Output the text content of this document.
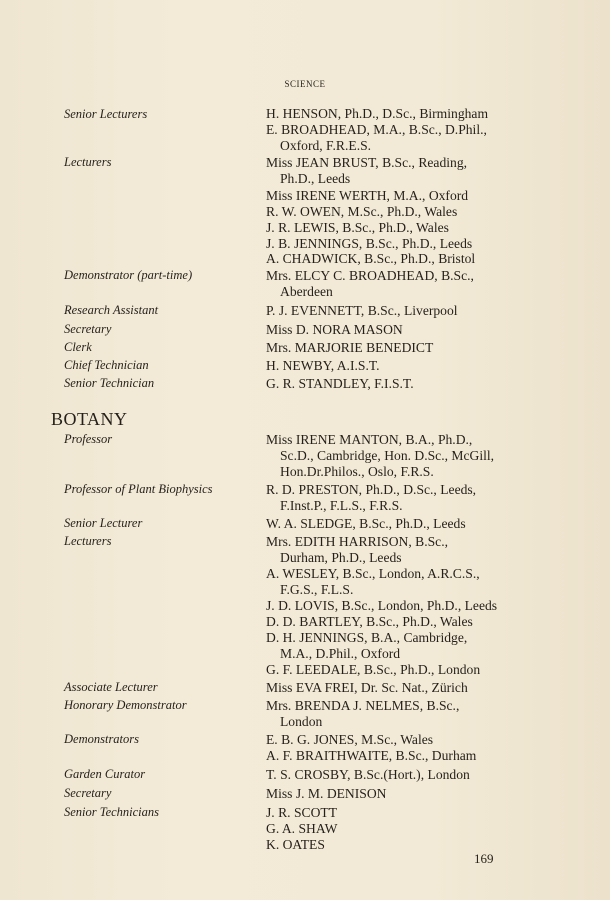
SCIENCE
Senior Lecturers	H. HENSON, Ph.D., D.Sc., Birmingham
E. BROADHEAD, M.A., B.Sc., D.Phil.,
Oxford, F.R.E.S.
Lecturers	Miss JEAN BRUST, B.Sc., Reading,
Ph.D., Leeds
Miss IRENE WERTH, M.A., Oxford
R. W. OWEN, M.Sc., Ph.D., Wales
J. R. LEWIS, B.Sc., Ph.D., Wales
J. B. JENNINGS, B.Sc., Ph.D., Leeds
A. CHADWICK, B.Sc., Ph.D., Bristol
Demonstrator (part-time)	Mrs. ELCY C. BROADHEAD, B.Sc.,
Aberdeen
Research Assistant	P. J. EVENNETT, B.Sc., Liverpool
Secretary	Miss D. NORA MASON
Clerk	Mrs. MARJORIE BENEDICT
Chief Technician	H. NEWBY, A.I.S.T.
Senior Technician	G. R. STANDLEY, F.I.S.T.
BOTANY
Professor	Miss IRENE MANTON, B.A., Ph.D.,
Sc.D., Cambridge, Hon. D.Sc., McGill,
Hon.Dr.Philos., Oslo, F.R.S.
Professor of Plant Biophysics	R. D. PRESTON, Ph.D., D.Sc., Leeds,
F.Inst.P., F.L.S., F.R.S.
Senior Lecturer	W. A. SLEDGE, B.Sc., Ph.D., Leeds
Lecturers	Mrs. EDITH HARRISON, B.Sc.,
Durham, Ph.D., Leeds
A. WESLEY, B.Sc., London, A.R.C.S.,
F.G.S., F.L.S.
J. D. LOVIS, B.Sc., London, Ph.D., Leeds
D. D. BARTLEY, B.Sc., Ph.D., Wales
D. H. JENNINGS, B.A., Cambridge,
M.A., D.Phil., Oxford
G. F. LEEDALE, B.Sc., Ph.D., London
Associate Lecturer	Miss EVA FREI, Dr. Sc. Nat., Zürich
Honorary Demonstrator	Mrs. BRENDA J. NELMES, B.Sc.,
London
Demonstrators	E. B. G. JONES, M.Sc., Wales
A. F. BRAITHWAITE, B.Sc., Durham
Garden Curator	T. S. CROSBY, B.Sc.(Hort.), London
Secretary	Miss J. M. DENISON
Senior Technicians	J. R. SCOTT
G. A. SHAW
K. OATES
169
